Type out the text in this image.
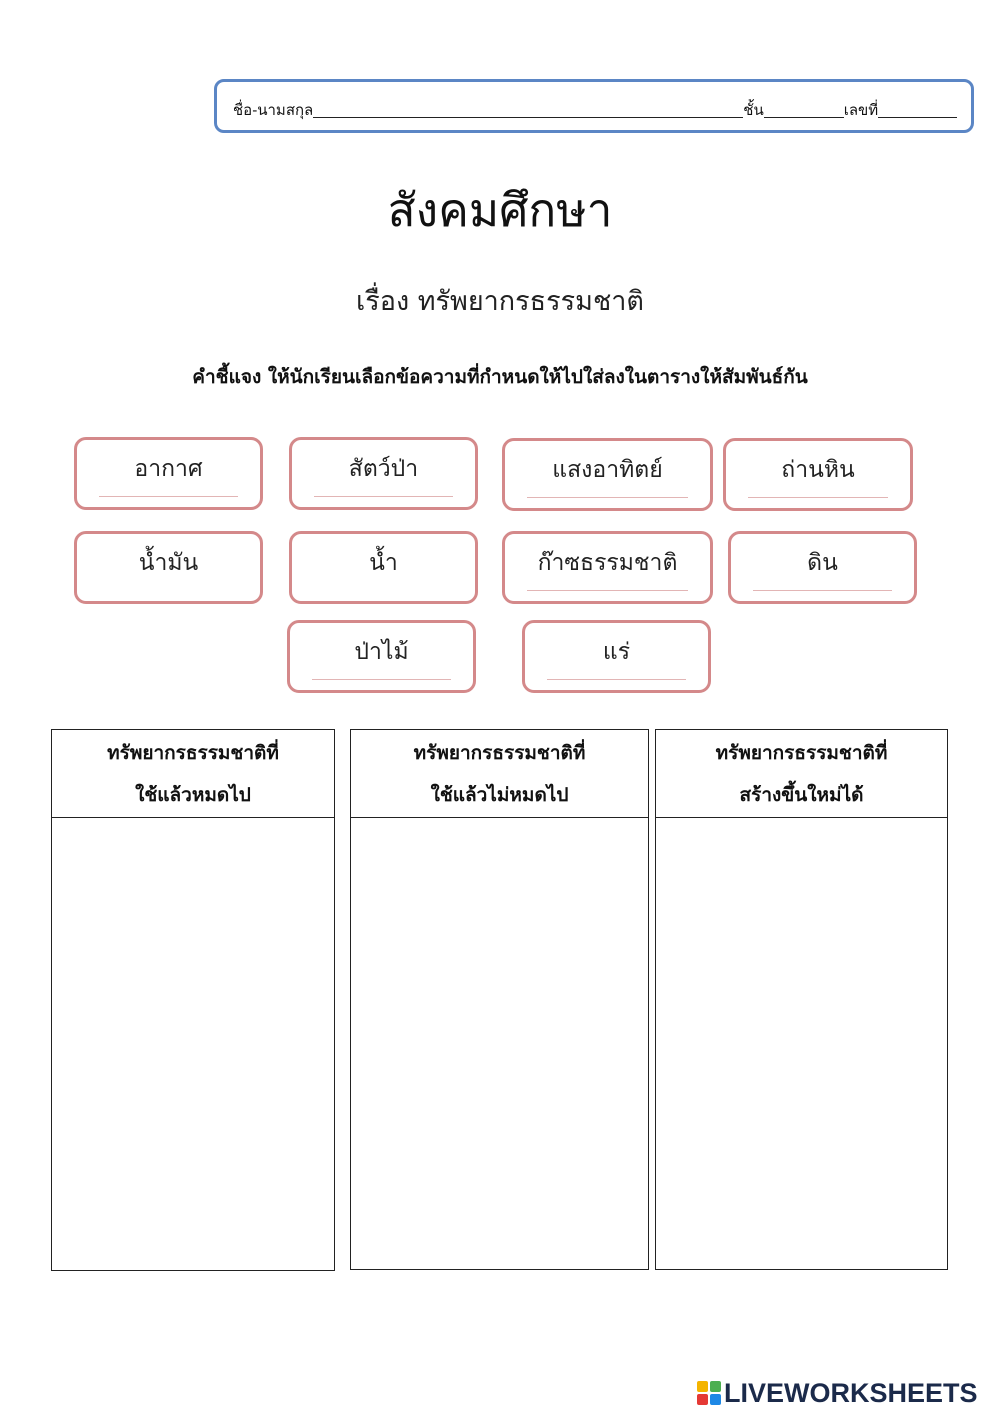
ชื่อ-นามสกุล	ชั้น	เลขที่
สังคมศึกษา
เรื่อง ทรัพยากรธรรมชาติ
คำชี้แจง ให้นักเรียนเลือกข้อความที่กำหนดให้ไปใส่ลงในตารางให้สัมพันธ์กัน
อากาศ	สัตว์ป่า	แสงอาทิตย์	ถ่านหิน
น้ำมัน	น้ำ	ก๊าซธรรมชาติ	ดิน
ป่าไม้	แร่
ทรัพยากรธรรมชาติที่
ใช้แล้วหมดไป
ทรัพยากรธรรมชาติที่
ใช้แล้วไม่หมดไป
ทรัพยากรธรรมชาติที่
สร้างขึ้นใหม่ได้
LIVEWORKSHEETS
